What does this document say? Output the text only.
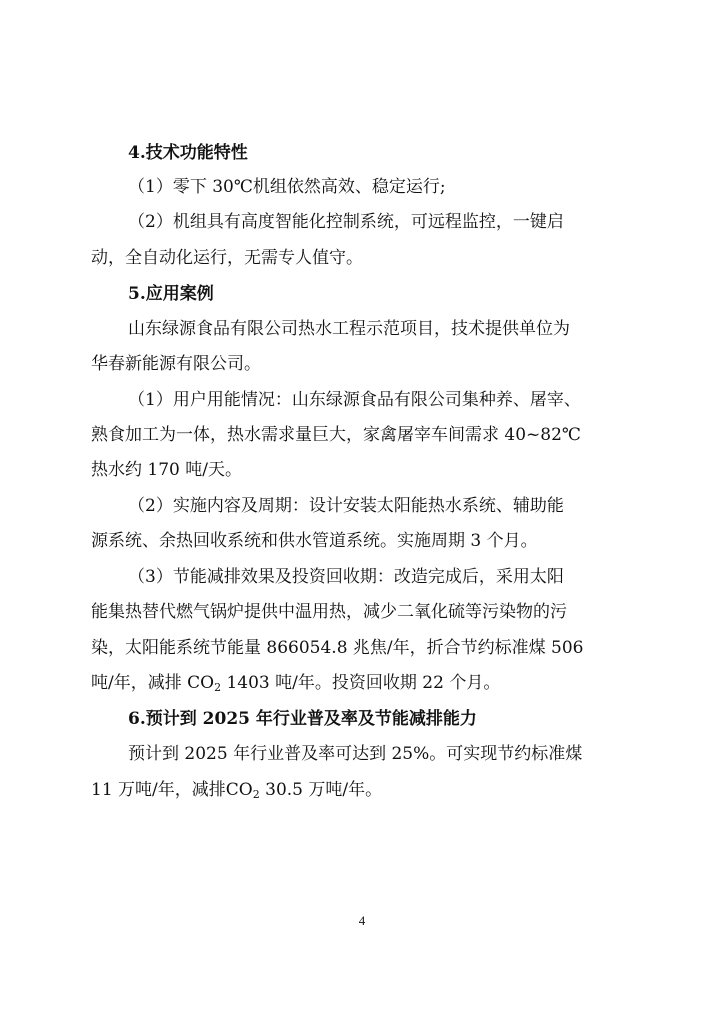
4.技术功能特性
（1）零下 30℃机组依然高效、稳定运行;
（2）机组具有高度智能化控制系统，可远程监控，一键启
动，全自动化运行，无需专人值守。
5.应用案例
山东绿源食品有限公司热水工程示范项目，技术提供单位为
华春新能源有限公司。
（1）用户用能情况：山东绿源食品有限公司集种养、屠宰、
熟食加工为一体，热水需求量巨大，家禽屠宰车间需求 40~82℃
热水约 170 吨/天。
（2）实施内容及周期：设计安装太阳能热水系统、辅助能
源系统、余热回收系统和供水管道系统。实施周期 3 个月。
（3）节能减排效果及投资回收期：改造完成后，采用太阳
能集热替代燃气锅炉提供中温用热，减少二氧化硫等污染物的污
染，太阳能系统节能量 866054.8 兆焦/年，折合节约标准煤 506
吨/年，减排 $CO_2$ 1403 吨/年。投资回收期 22 个月。
6.预计到 2025 年行业普及率及节能减排能力
预计到 2025 年行业普及率可达到 25%。可实现节约标准煤
11 万吨/年，减排$CO_2$ 30.5 万吨/年。
4
